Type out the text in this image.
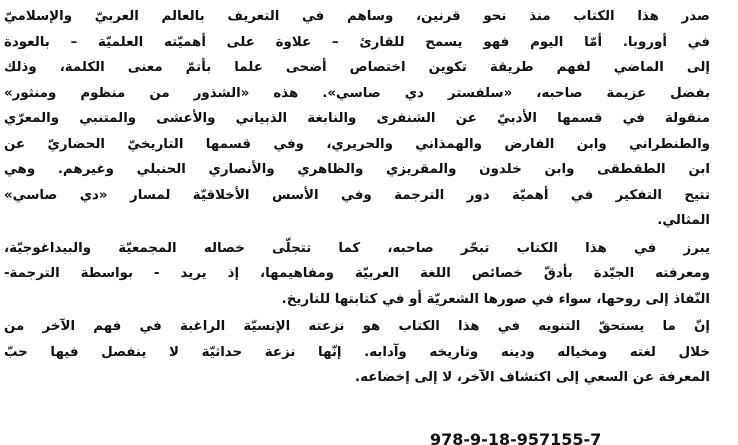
صدر هذا الكتاب منذ نحو قرنين، وساهم في التعريف بالعالم العربيّ والإسلاميّ
في أوروبا. أمّا اليوم فهو يسمح للقارئ – علاوة على أهميّته العلميّة – بالعودة
إلى الماضي لفهم طريقة تكوين اختصاص أضحى علما بأتمّ معنى الكلمة، وذلك
بفضل عزيمة صاحبه، «سلفستر دي صاسي». هذه «الشذور من منظوم ومنثور»
منقولة في قسمها الأدبيّ عن الشنفرى والنابغة الذبياني والأعشى والمتنبي والمعرّي
والطنطراني وابن الفارض والهمذاني والحريري، وفي قسمها التاريخيّ الحضاريّ عن
ابن الطقطقى وابن خلدون والمقريزي والظاهري والأنصاري الحنبلي وغيرهم. وهي
تتيح التفكير في أهميّة دور الترجمة وفي الأسس الأخلاقيّة لمسار «دي صاسي»
المثالي.

يبرز في هذا الكتاب تبحّر صاحبه، كما تتجلّى خصاله المجمعيّة والبيداغوجيّة،
ومعرفته الجيّدة بأدقّ خصائص اللغة العربيّة ومفاهيمها، إذ يريد - بواسطة الترجمة-
النّفاذ إلى روحها، سواء في صورها الشعريّة أو في كتابتها للتاريخ.

إنّ ما يستحقّ التنويه في هذا الكتاب هو نزعته الإنسيّة الراغبة في فهم الآخر من
خلال لغته ومخياله ودينه وتاريخه وآدابه. إنّها نزعة حداثيّة لا ينفصل فيها حبّ
المعرفة عن السعي إلى اكتشاف الآخر، لا إلى إخضاعه.

978-9-18-957155-7
